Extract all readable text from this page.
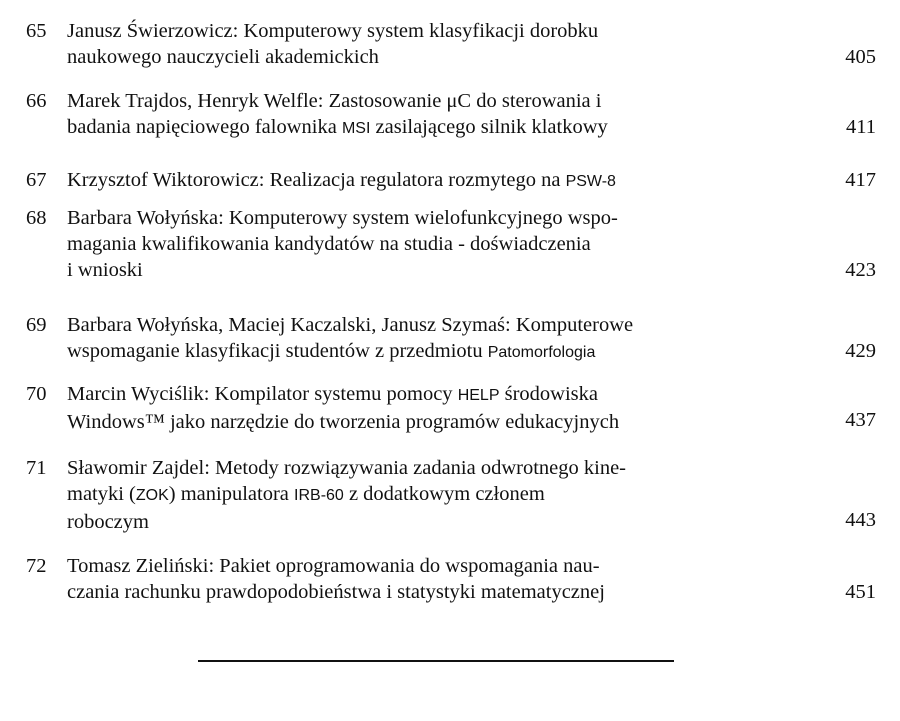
65	Janusz Świerzowicz: Komputerowy system klasyfikacji dorobku
naukowego nauczycieli akademickich	405
66	Marek Trajdos, Henryk Welfle: Zastosowanie μC do sterowania i
badania napięciowego falownika MSI zasilającego silnik klatkowy	411
67	Krzysztof Wiktorowicz: Realizacja regulatora rozmytego na PSW-8	417
68	Barbara Wołyńska: Komputerowy system wielofunkcyjnego wspo-
magania kwalifikowania kandydatów na studia - doświadczenia
i wnioski	423
69	Barbara Wołyńska, Maciej Kaczalski, Janusz Szymaś: Komputerowe
wspomaganie klasyfikacji studentów z przedmiotu Patomorfologia	429
70	Marcin Wyciślik: Kompilator systemu pomocy HELP środowiska
Windows™ jako narzędzie do tworzenia programów edukacyjnych	437
71	Sławomir Zajdel: Metody rozwiązywania zadania odwrotnego kine-
matyki (ZOK) manipulatora IRB-60 z dodatkowym członem
roboczym	443
72	Tomasz Zieliński: Pakiet oprogramowania do wspomagania nau-
czania rachunku prawdopodobieństwa i statystyki matematycznej	451
